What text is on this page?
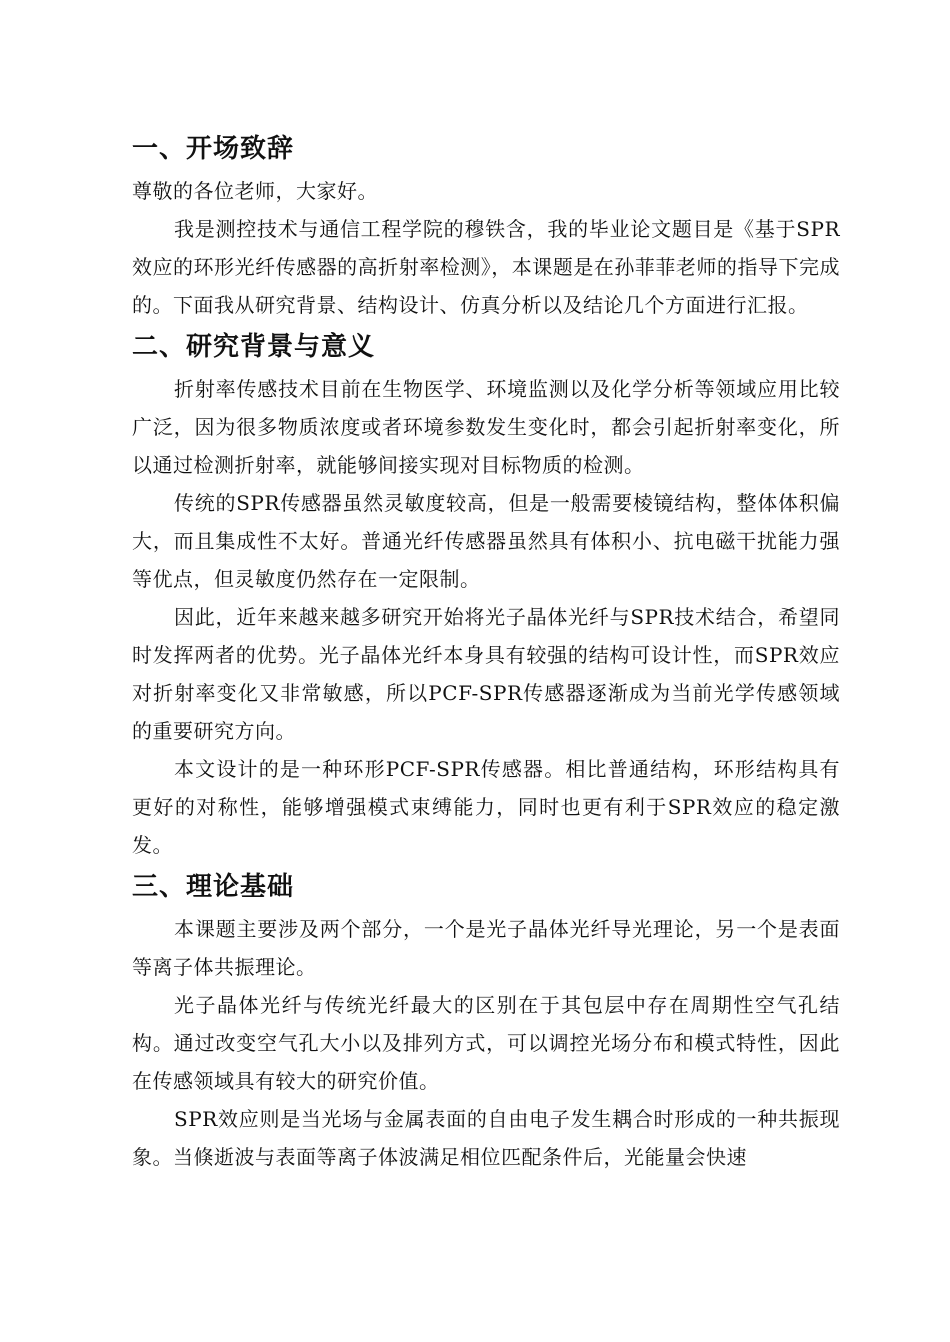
一、开场致辞

尊敬的各位老师，大家好。

我是测控技术与通信工程学院的穆铁含，我的毕业论文题目是《基于SPR效应的环形光纤传感器的高折射率检测》，本课题是在孙菲菲老师的指导下完成的。下面我从研究背景、结构设计、仿真分析以及结论几个方面进行汇报。

二、研究背景与意义

折射率传感技术目前在生物医学、环境监测以及化学分析等领域应用比较广泛，因为很多物质浓度或者环境参数发生变化时，都会引起折射率变化，所以通过检测折射率，就能够间接实现对目标物质的检测。

传统的SPR传感器虽然灵敏度较高，但是一般需要棱镜结构，整体体积偏大，而且集成性不太好。普通光纤传感器虽然具有体积小、抗电磁干扰能力强等优点，但灵敏度仍然存在一定限制。

因此，近年来越来越多研究开始将光子晶体光纤与SPR技术结合，希望同时发挥两者的优势。光子晶体光纤本身具有较强的结构可设计性，而SPR效应对折射率变化又非常敏感，所以PCF-SPR传感器逐渐成为当前光学传感领域的重要研究方向。

本文设计的是一种环形PCF-SPR传感器。相比普通结构，环形结构具有更好的对称性，能够增强模式束缚能力，同时也更有利于SPR效应的稳定激发。

三、理论基础

本课题主要涉及两个部分，一个是光子晶体光纤导光理论，另一个是表面等离子体共振理论。

光子晶体光纤与传统光纤最大的区别在于其包层中存在周期性空气孔结构。通过改变空气孔大小以及排列方式，可以调控光场分布和模式特性，因此在传感领域具有较大的研究价值。

SPR效应则是当光场与金属表面的自由电子发生耦合时形成的一种共振现象。当倏逝波与表面等离子体波满足相位匹配条件后，光能量会快速
